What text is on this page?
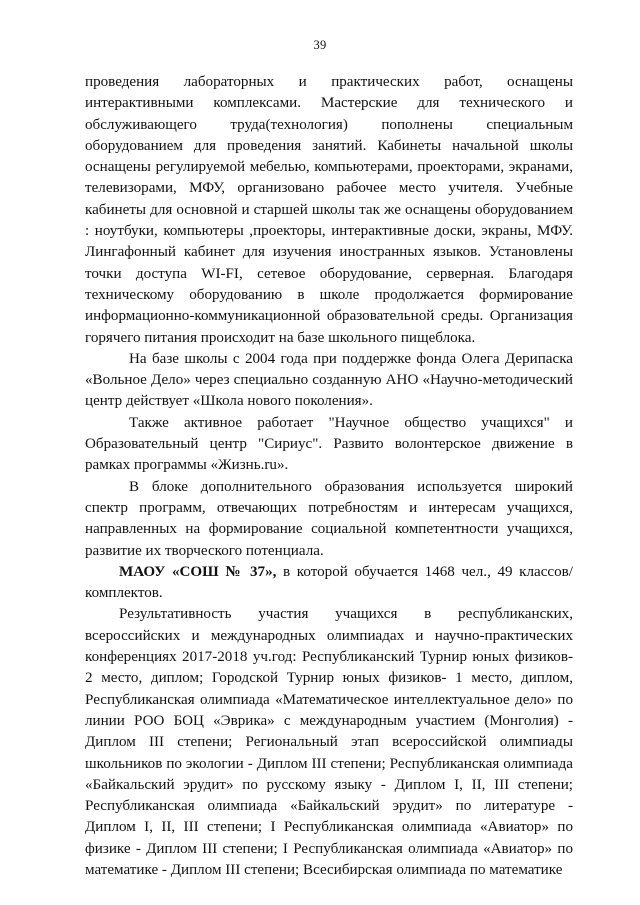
39

проведения лабораторных и практических работ, оснащены интерактивными комплексами. Мастерские для технического и обслуживающего труда(технология) пополнены специальным оборудованием для проведения занятий. Кабинеты начальной школы оснащены регулируемой мебелью, компьютерами, проекторами, экранами, телевизорами, МФУ, организовано рабочее место учителя. Учебные кабинеты для основной и старшей школы так же оснащены оборудованием : ноутбуки, компьютеры ,проекторы, интерактивные доски, экраны, МФУ. Лингафонный кабинет для изучения иностранных языков. Установлены точки доступа WI-FI, сетевое оборудование, серверная. Благодаря техническому оборудованию в школе продолжается формирование информационно-коммуникационной образовательной среды. Организация горячего питания происходит на базе школьного пищеблока.

На базе школы с 2004 года при поддержке фонда Олега Дерипаска «Вольное Дело» через специально созданную АНО «Научно-методический центр действует «Школа нового поколения».

Также активное работает "Научное общество учащихся" и Образовательный центр "Сириус". Развито волонтерское движение в рамках программы «Жизнь.ru».

В блоке дополнительного образования используется широкий спектр программ, отвечающих потребностям и интересам учащихся, направленных на формирование социальной компетентности учащихся, развитие их творческого потенциала.

МАОУ «СОШ № 37», в которой обучается 1468 чел., 49 классов/комплектов.

Результативность участия учащихся в республиканских, всероссийских и международных олимпиадах и научно-практических конференциях 2017-2018 уч.год: Республиканский Турнир юных физиков- 2 место, диплом; Городской Турнир юных физиков- 1 место, диплом, Республиканская олимпиада «Математическое интеллектуальное дело» по линии РОО БОЦ «Эврика» с международным участием (Монголия) - Диплом III степени; Региональный этап всероссийской олимпиады школьников по экологии - Диплом III степени; Республиканская олимпиада «Байкальский эрудит» по русскому языку - Диплом I, II, III степени; Республиканская олимпиада «Байкальский эрудит» по литературе - Диплом I, II, III степени; I Республиканская олимпиада «Авиатор» по физике - Диплом III степени; I Республиканская олимпиада «Авиатор» по математике - Диплом III степени; Всесибирская олимпиада по математике
